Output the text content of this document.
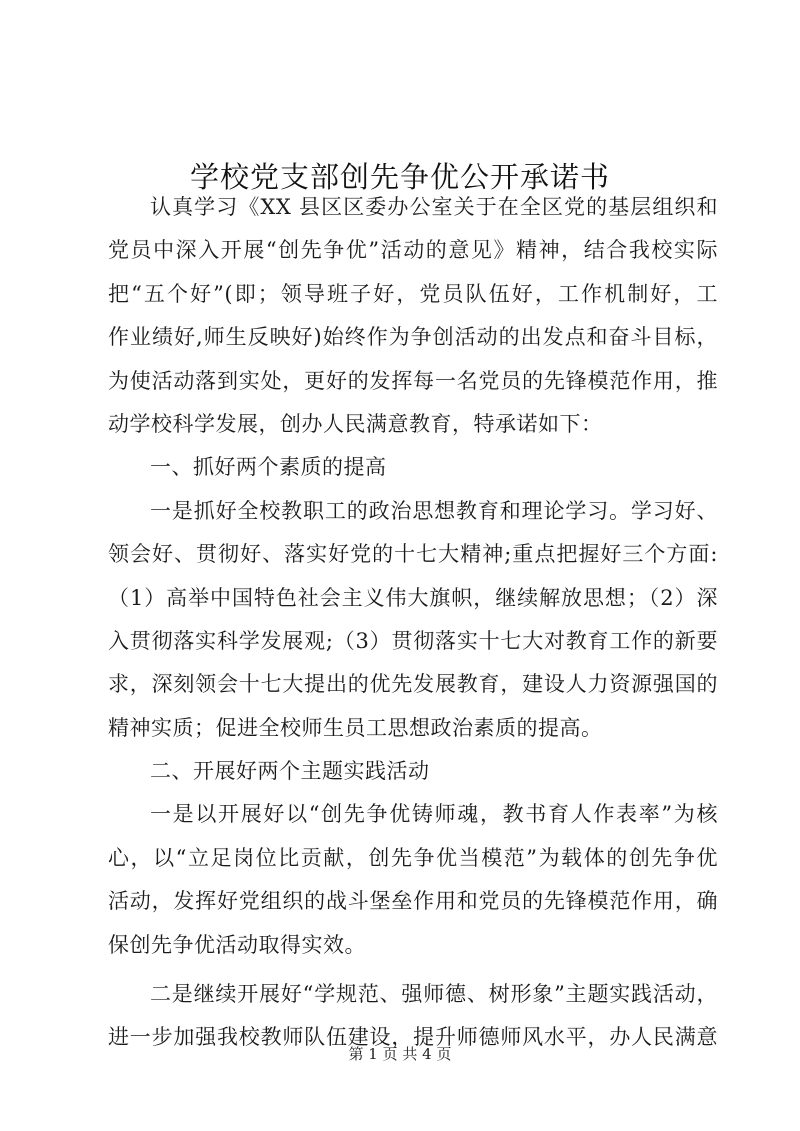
学校党支部创先争优公开承诺书
认真学习《XX 县区区委办公室关于在全区党的基层组织和
党员中深入开展“创先争优”活动的意见》精神，结合我校实际
把“五个好”(即；领导班子好，党员队伍好，工作机制好，工
作业绩好,师生反映好)始终作为争创活动的出发点和奋斗目标，
为使活动落到实处，更好的发挥每一名党员的先锋模范作用，推
动学校科学发展，创办人民满意教育，特承诺如下：
一、抓好两个素质的提高
一是抓好全校教职工的政治思想教育和理论学习。学习好、
领会好、贯彻好、落实好党的十七大精神;重点把握好三个方面:
（1）高举中国特色社会主义伟大旗帜，继续解放思想；（2）深
入贯彻落实科学发展观;（3）贯彻落实十七大对教育工作的新要
求，深刻领会十七大提出的优先发展教育，建设人力资源强国的
精神实质；促进全校师生员工思想政治素质的提高。
二、开展好两个主题实践活动
一是以开展好以“创先争优铸师魂，教书育人作表率”为核
心，以“立足岗位比贡献，创先争优当模范”为载体的创先争优
活动，发挥好党组织的战斗堡垒作用和党员的先锋模范作用，确
保创先争优活动取得实效。
二是继续开展好“学规范、强师德、树形象”主题实践活动，
进一步加强我校教师队伍建设，提升师德师风水平，办人民满意
第 1 页 共 4 页
